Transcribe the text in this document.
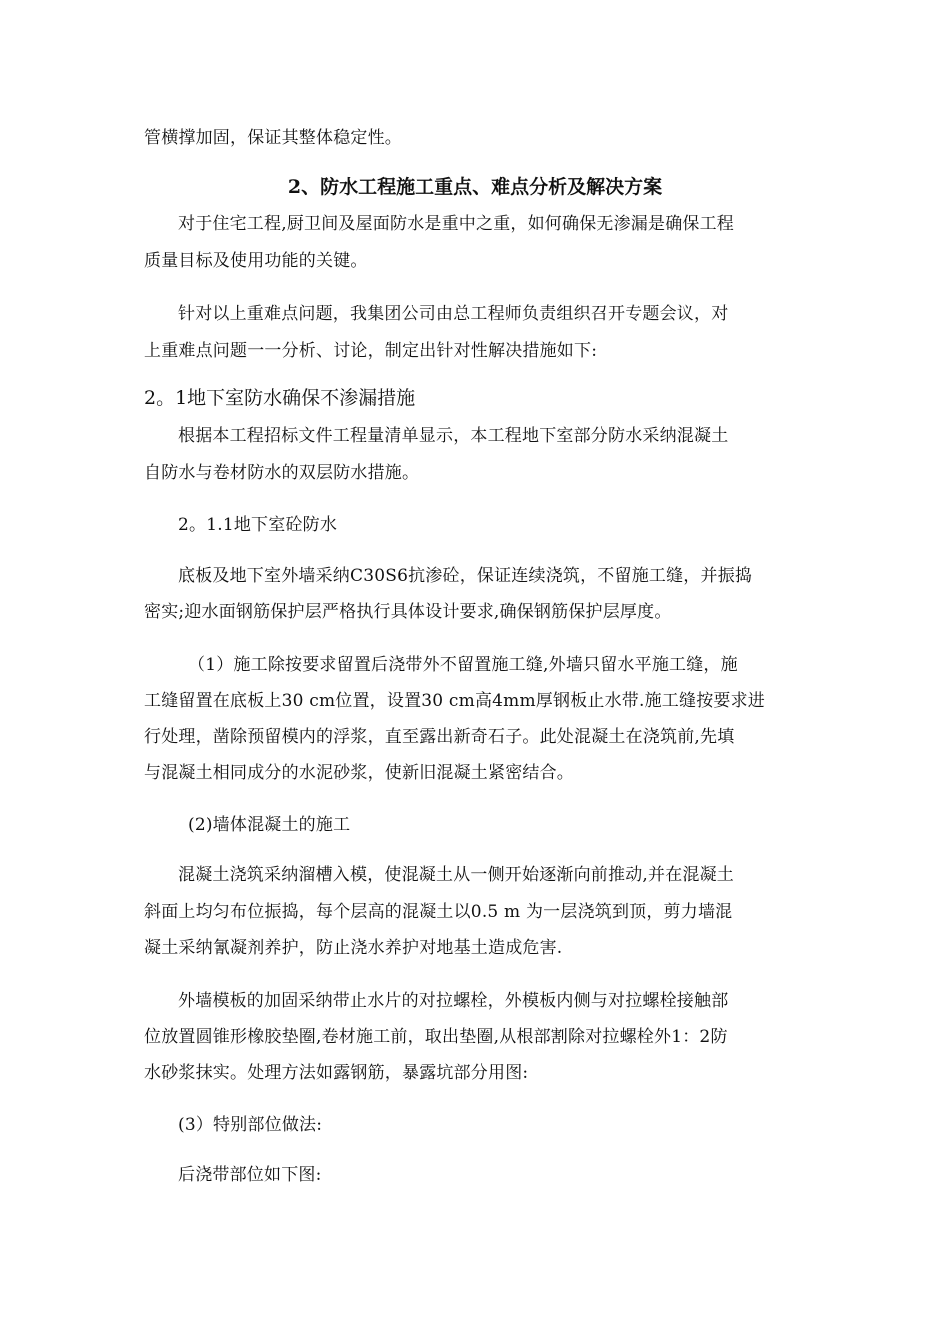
管横撑加固，保证其整体稳定性。
2、防水工程施工重点、难点分析及解决方案
对于住宅工程,厨卫间及屋面防水是重中之重，如何确保无渗漏是确保工程
质量目标及使用功能的关键。
针对以上重难点问题，我集团公司由总工程师负责组织召开专题会议，对
上重难点问题一一分析、讨论，制定出针对性解决措施如下:
2。1地下室防水确保不渗漏措施
根据本工程招标文件工程量清单显示，本工程地下室部分防水采纳混凝土
自防水与卷材防水的双层防水措施。
2。1.1地下室砼防水
底板及地下室外墙采纳C30S6抗渗砼，保证连续浇筑，不留施工缝，并振捣
密实;迎水面钢筋保护层严格执行具体设计要求,确保钢筋保护层厚度。
（1）施工除按要求留置后浇带外不留置施工缝,外墙只留水平施工缝，施
工缝留置在底板上30 cm位置，设置30 cm高4mm厚钢板止水带.施工缝按要求进
行处理，凿除预留模内的浮浆，直至露出新奇石子。此处混凝土在浇筑前,先填
与混凝土相同成分的水泥砂浆，使新旧混凝土紧密结合。
(2)墙体混凝土的施工
混凝土浇筑采纳溜槽入模，使混凝土从一侧开始逐渐向前推动,并在混凝土
斜面上均匀布位振捣，每个层高的混凝土以0.5 m 为一层浇筑到顶，剪力墙混
凝土采纳氰凝剂养护，防止浇水养护对地基土造成危害.
外墙模板的加固采纳带止水片的对拉螺栓，外模板内侧与对拉螺栓接触部
位放置圆锥形橡胶垫圈,卷材施工前，取出垫圈,从根部割除对拉螺栓外1：2防
水砂浆抹实。处理方法如露钢筋，暴露坑部分用图:
(3）特别部位做法:
后浇带部位如下图:
